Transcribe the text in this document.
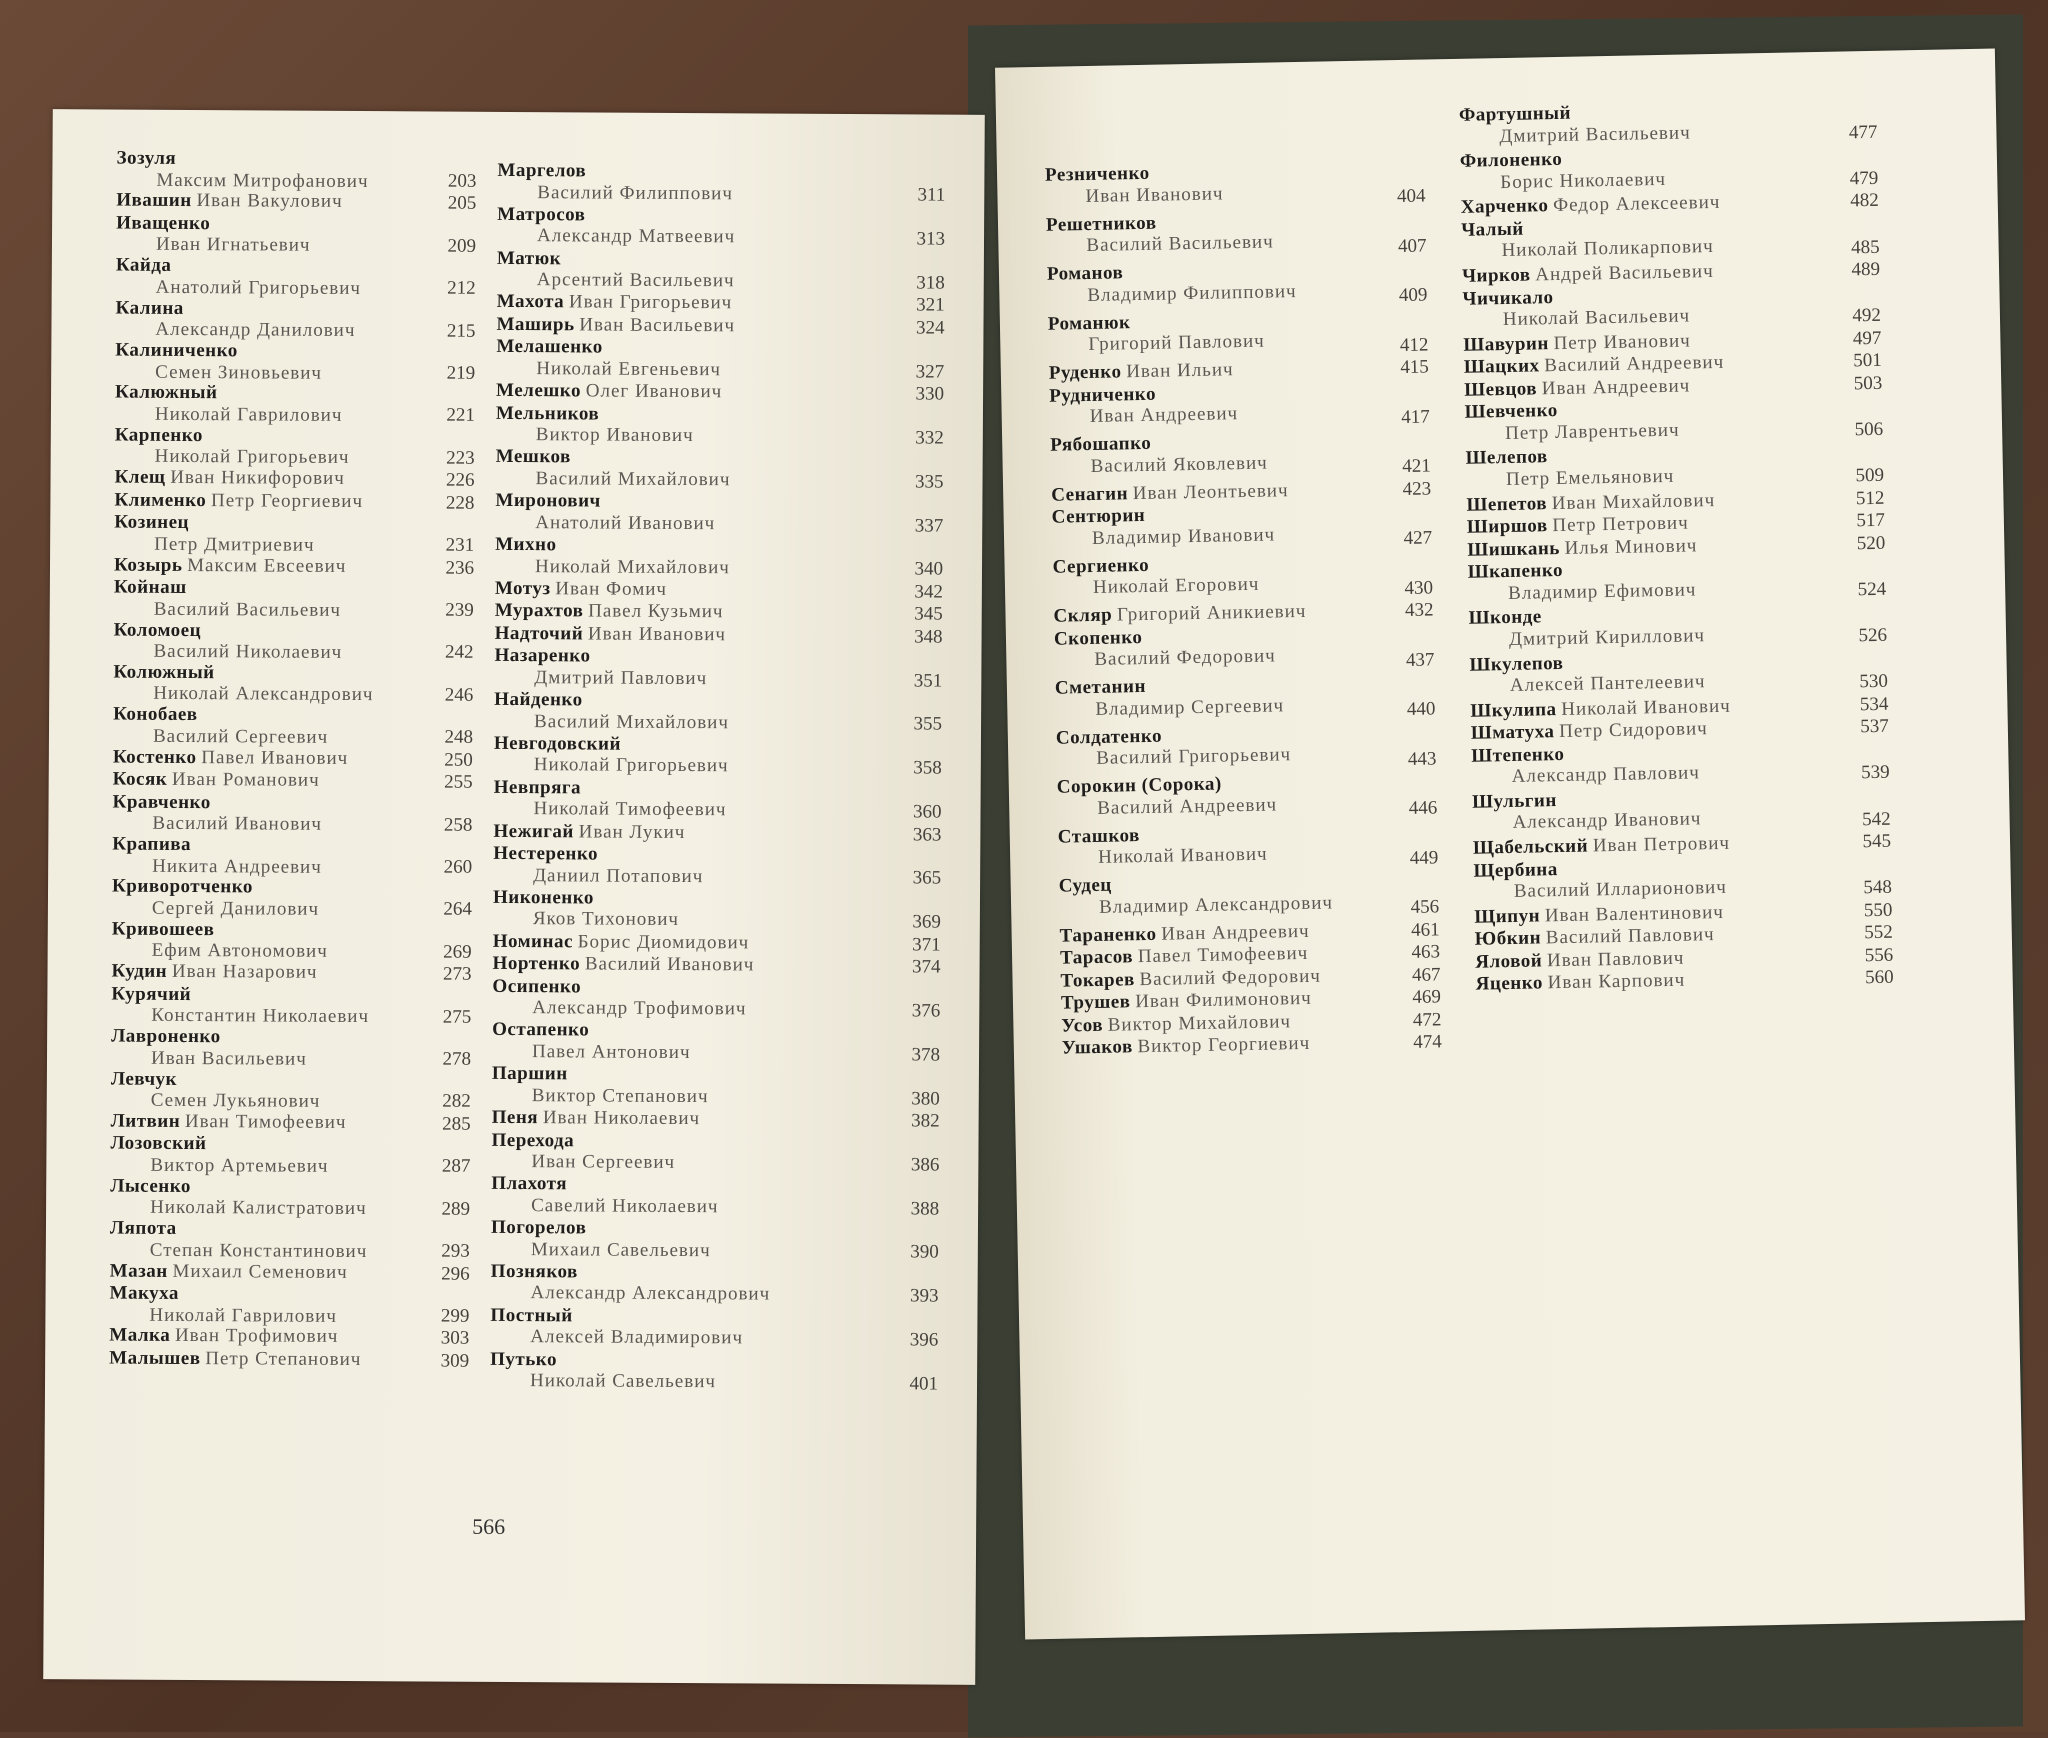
Зозуля
Максим Митрофанович	203
Ивашин Иван Вакулович	205
Иващенко
Иван Игнатьевич	209
Кайда
Анатолий Григорьевич	212
Калина
Александр Данилович	215
Калиниченко
Семен Зиновьевич	219
Калюжный
Николай Гаврилович	221
Карпенко
Николай Григорьевич	223
Клещ Иван Никифорович	226
Клименко Петр Георгиевич	228
Козинец
Петр Дмитриевич	231
Козырь Максим Евсеевич	236
Койнаш
Василий Васильевич	239
Коломоец
Василий Николаевич	242
Колюжный
Николай Александрович	246
Конобаев
Василий Сергеевич	248
Костенко Павел Иванович	250
Косяк Иван Романович	255
Кравченко
Василий Иванович	258
Крапива
Никита Андреевич	260
Криворотченко
Сергей Данилович	264
Кривошеев
Ефим Автономович	269
Кудин Иван Назарович	273
Курячий
Константин Николаевич	275
Лавроненко
Иван Васильевич	278
Левчук
Семен Лукьянович	282
Литвин Иван Тимофеевич	285
Лозовский
Виктор Артемьевич	287
Лысенко
Николай Калистратович	289
Ляпота
Степан Константинович	293
Мазан Михаил Семенович	296
Макуха
Николай Гаврилович	299
Малка Иван Трофимович	303
Малышев Петр Степанович	309
Маргелов
Василий Филиппович	311
Матросов
Александр Матвеевич	313
Матюк
Арсентий Васильевич	318
Махота Иван Григорьевич	321
Маширь Иван Васильевич	324
Мелашенко
Николай Евгеньевич	327
Мелешко Олег Иванович	330
Мельников
Виктор Иванович	332
Мешков
Василий Михайлович	335
Миронович
Анатолий Иванович	337
Михно
Николай Михайлович	340
Мотуз Иван Фомич	342
Мурахтов Павел Кузьмич	345
Надточий Иван Иванович	348
Назаренко
Дмитрий Павлович	351
Найденко
Василий Михайлович	355
Невгодовский
Николай Григорьевич	358
Невпряга
Николай Тимофеевич	360
Нежигай Иван Лукич	363
Нестеренко
Даниил Потапович	365
Никоненко
Яков Тихонович	369
Номинас Борис Диомидович	371
Нортенко Василий Иванович	374
Осипенко
Александр Трофимович	376
Остапенко
Павел Антонович	378
Паршин
Виктор Степанович	380
Пеня Иван Николаевич	382
Перехода
Иван Сергеевич	386
Плахотя
Савелий Николаевич	388
Погорелов
Михаил Савельевич	390
Позняков
Александр Александрович	393
Постный
Алексей Владимирович	396
Путько
Николай Савельевич	401
566
Резниченко
Иван Иванович	404
Решетников
Василий Васильевич	407
Романов
Владимир Филиппович	409
Романюк
Григорий Павлович	412
Руденко Иван Ильич	415
Рудниченко
Иван Андреевич	417
Рябошапко
Василий Яковлевич	421
Сенагин Иван Леонтьевич	423
Сентюрин
Владимир Иванович	427
Сергиенко
Николай Егорович	430
Скляр Григорий Аникиевич	432
Скопенко
Василий Федорович	437
Сметанин
Владимир Сергеевич	440
Солдатенко
Василий Григорьевич	443
Сорокин (Сорока)
Василий Андреевич	446
Сташков
Николай Иванович	449
Судец
Владимир Александрович	456
Тараненко Иван Андреевич	461
Тарасов Павел Тимофеевич	463
Токарев Василий Федорович	467
Трушев Иван Филимонович	469
Усов Виктор Михайлович	472
Ушаков Виктор Георгиевич	474
Фартушный
Дмитрий Васильевич	477
Филоненко
Борис Николаевич	479
Харченко Федор Алексеевич	482
Чалый
Николай Поликарпович	485
Чирков Андрей Васильевич	489
Чичикало
Николай Васильевич	492
Шавурин Петр Иванович	497
Шацких Василий Андреевич	501
Шевцов Иван Андреевич	503
Шевченко
Петр Лаврентьевич	506
Шелепов
Петр Емельянович	509
Шепетов Иван Михайлович	512
Ширшов Петр Петрович	517
Шишкань Илья Минович	520
Шкапенко
Владимир Ефимович	524
Шконде
Дмитрий Кириллович	526
Шкулепов
Алексей Пантелеевич	530
Шкулипа Николай Иванович	534
Шматуха Петр Сидорович	537
Штепенко
Александр Павлович	539
Шульгин
Александр Иванович	542
Щабельский Иван Петрович	545
Щербина
Василий Илларионович	548
Щипун Иван Валентинович	550
Юбкин Василий Павлович	552
Яловой Иван Павлович	556
Яценко Иван Карпович	560
